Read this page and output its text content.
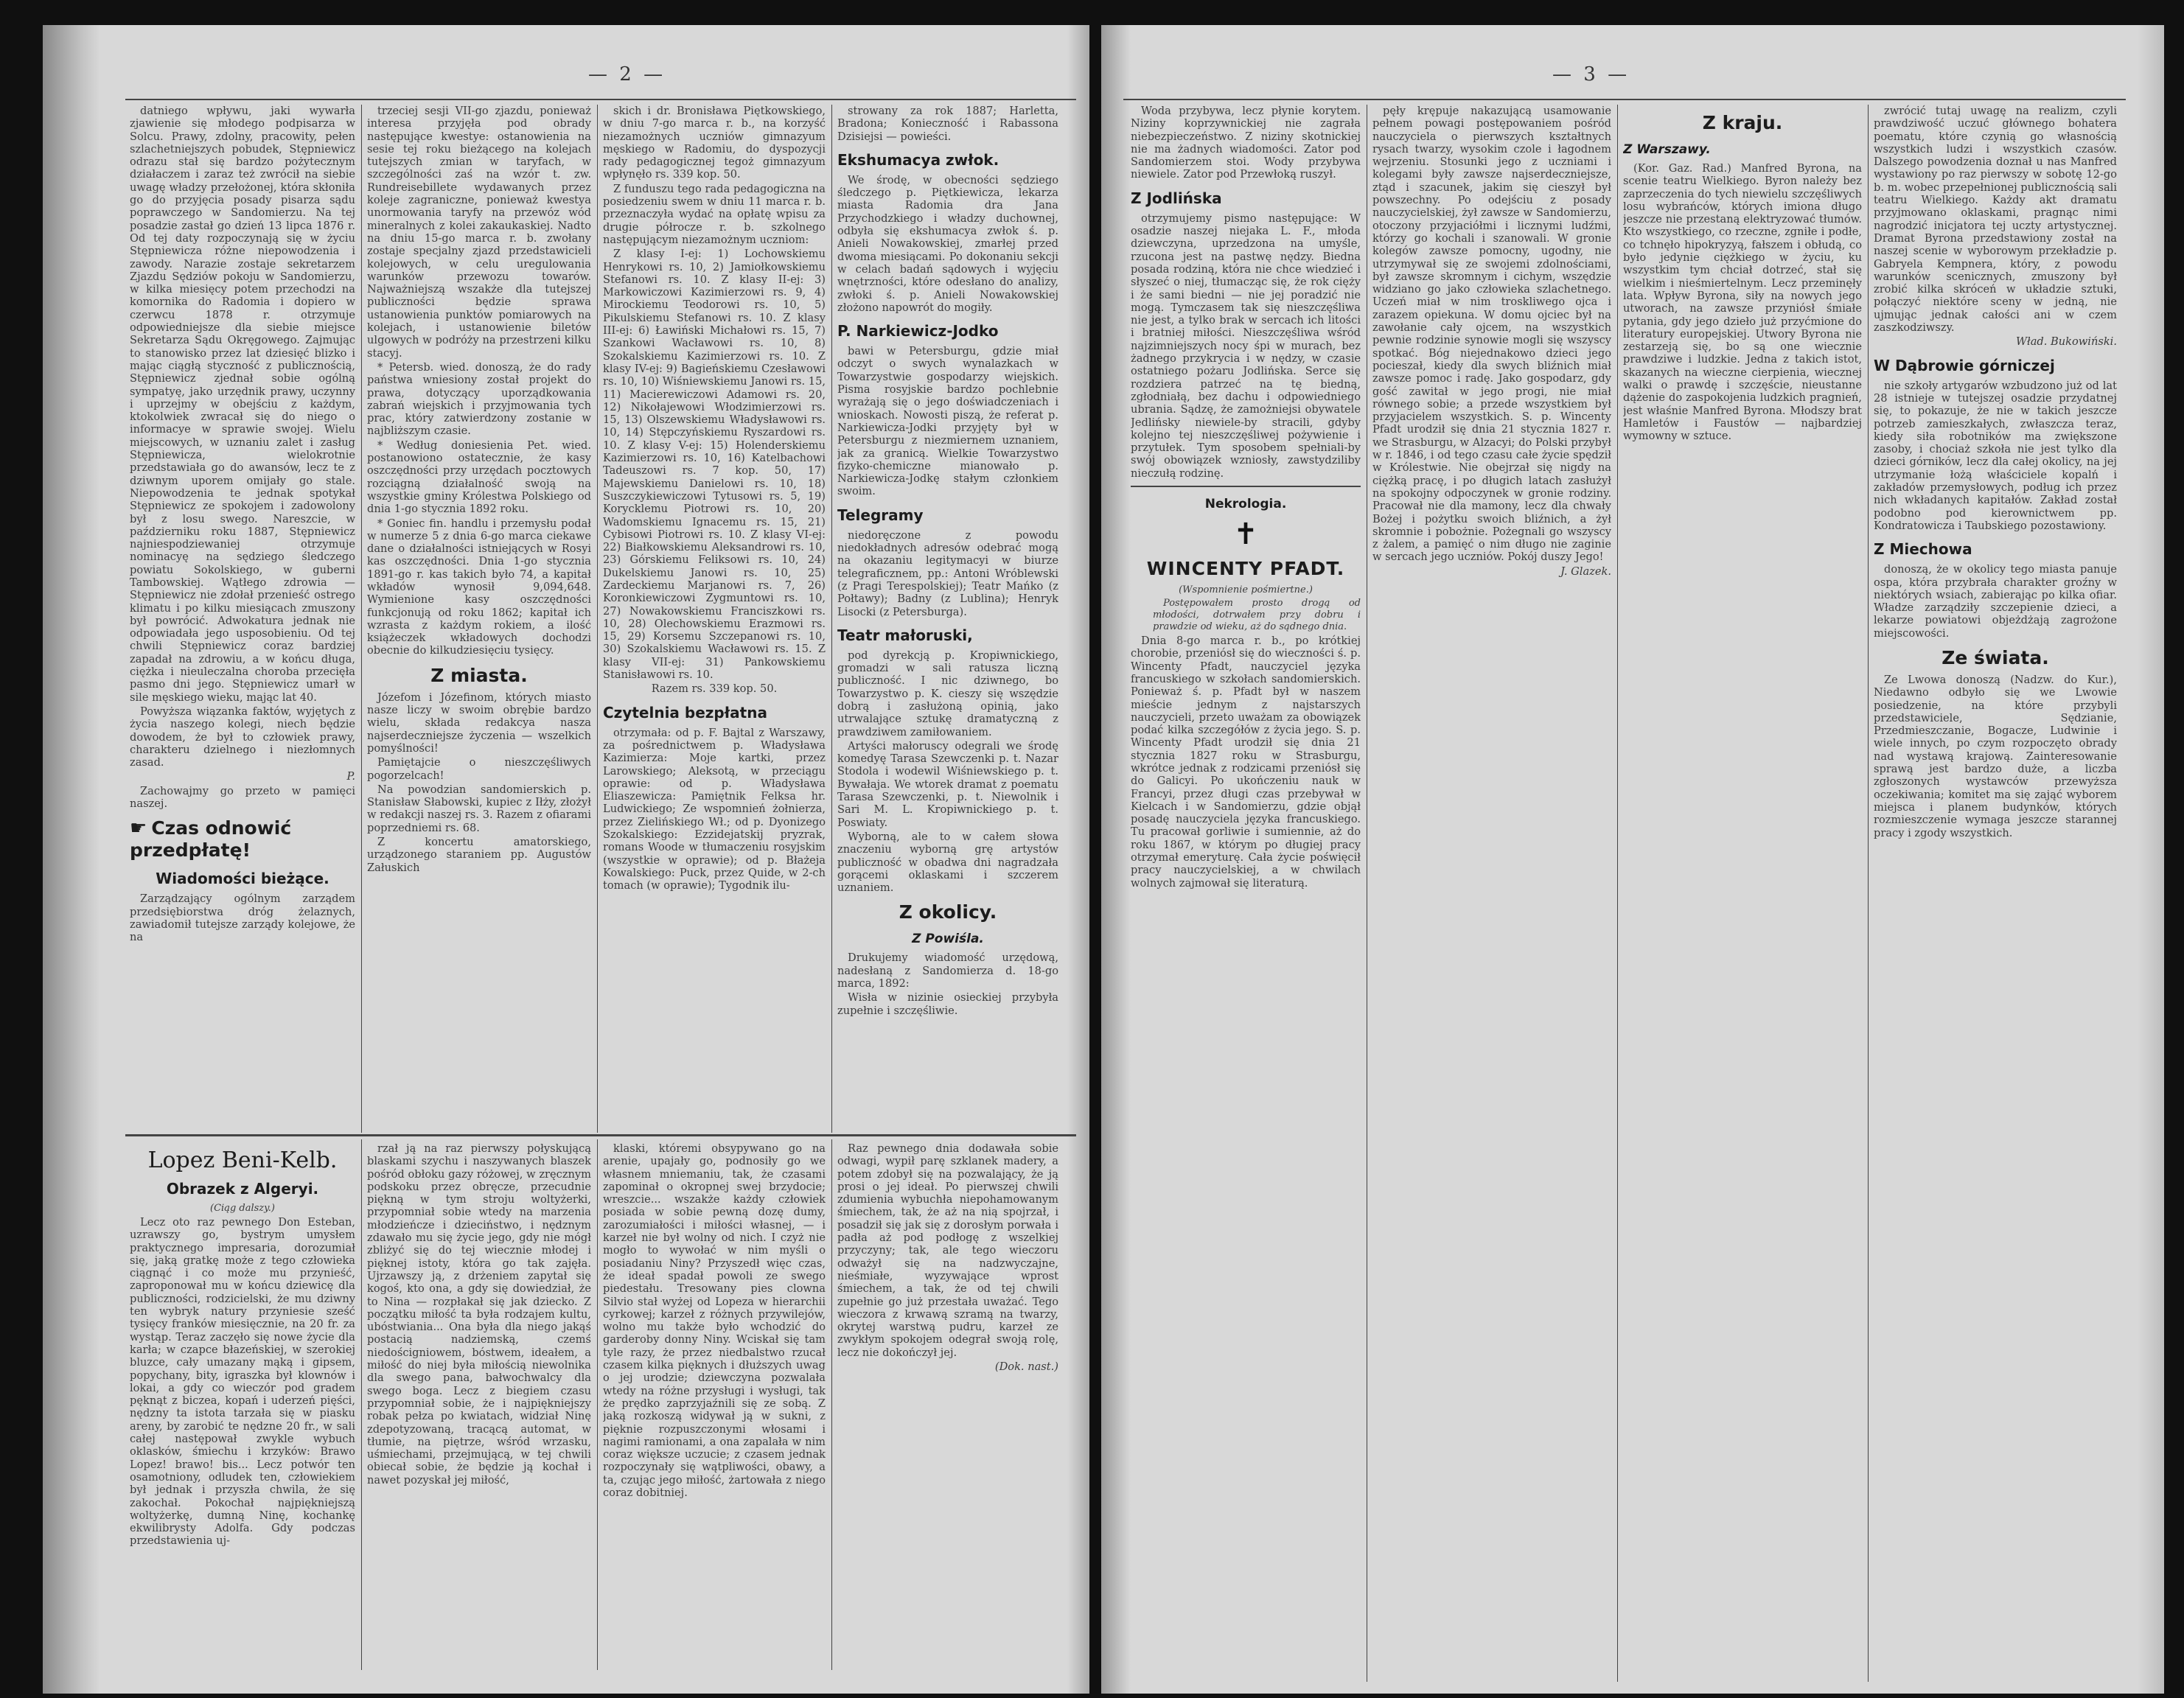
— 2 —

datniego wpływu, jaki wywarła zjawienie się młodego podpisarza w Solcu. Prawy, zdolny, pracowity, pełen szlachetniejszych pobudek, Stępniewicz odrazu stał się bardzo pożytecznym działaczem i zaraz też zwrócił na siebie uwagę władzy przełożonej, która skłoniła go do przyjęcia posady pisarza sądu poprawczego w Sandomierzu. Na tej posadzie zastał go dzień 13 lipca 1876 r. Od tej daty rozpoczynają się w życiu Stępniewicza różne niepowodzenia i zawody. Narazie zostaje sekretarzem Zjazdu Sędziów pokoju w Sandomierzu, w kilka miesięcy potem przechodzi na komornika do Radomia i dopiero w czerwcu 1878 r. otrzymuje odpowiedniejsze dla siebie miejsce Sekretarza Sądu Okręgowego. Zajmując to stanowisko przez lat dziesięć blizko i mając ciągłą styczność z publicznością, Stępniewicz zjednał sobie ogólną sympatyę, jako urzędnik prawy, uczynny i uprzejmy w obejściu z każdym, ktokolwiek zwracał się do niego o informacye w sprawie swojej. Wielu miejscowych, w uznaniu zalet i zasług Stępniewicza, wielokrotnie przedstawiała go do awansów, lecz te z dziwnym uporem omijały go stale. Niepowodzenia te jednak spotykał Stępniewicz ze spokojem i zadowolony był z losu swego. Nareszcie, w październiku roku 1887, Stępniewicz najniespodziewaniej otrzymuje nominacyę na sędziego śledczego powiatu Sokolskiego, w guberni Tambowskiej. Wątłego zdrowia — Stępniewicz nie zdołał przenieść ostrego klimatu i po kilku miesiącach zmuszony był powrócić. Adwokatura jednak nie odpowiadała jego usposobieniu. Od tej chwili Stępniewicz coraz bardziej zapadał na zdrowiu, a w końcu długa, ciężka i nieuleczalna choroba przecięła pasmo dni jego. Stępniewicz umarł w sile męskiego wieku, mając lat 40.

Powyższa wiązanka faktów, wyjętych z życia naszego kolegi, niech będzie dowodem, że był to człowiek prawy, charakteru dzielnego i niezłomnych zasad.

P.

Zachowajmy go przeto w pamięci naszej.

☛ Czas odnowić przedpłatę!
Wiadomości bieżące.

Zarządzający ogólnym zarządem przedsiębiorstwa dróg żelaznych, zawiadomił tutejsze zarządy kolejowe, że na

trzeciej sesji VII-go zjazdu, ponieważ interesa przyjęła pod obrady następujące kwestye: ostanowienia na sesie tej roku bieżącego na kolejach tutejszych zmian w taryfach, w szczególności zaś na wzór t. zw. Rundreisebillete wydawanych przez koleje zagraniczne, ponieważ kwestya unormowania taryfy na przewóz wód mineralnych z kolei zakaukaskiej. Nadto na dniu 15-go marca r. b. zwołany zostaje specjalny zjazd przedstawicieli kolejowych, w celu uregulowania warunków przewozu towarów. Najważniejszą wszakże dla tutejszej publiczności będzie sprawa ustanowienia punktów pomiarowych na kolejach, i ustanowienie biletów ulgowych w podróży na przestrzeni kilku stacyj.

* Petersb. wied. donoszą, że do rady państwa wniesiony został projekt do prawa, dotyczący uporządkowania zabrań wiejskich i przyjmowania tych prac, który zatwierdzony zostanie w najbliższym czasie.

* Według doniesienia Pet. wied. postanowiono ostatecznie, że kasy oszczędności przy urzędach pocztowych rozciągną działalność swoją na wszystkie gminy Królestwa Polskiego od dnia 1-go stycznia 1892 roku.

* Goniec fin. handlu i przemysłu podał w numerze 5 z dnia 6-go marca ciekawe dane o działalności istniejących w Rosyi kas oszczędności. Dnia 1-go stycznia 1891-go r. kas takich było 74, a kapitał wkładów wynosił 9,094,648. Wymienione kasy oszczędności funkcjonują od roku 1862; kapitał ich wzrasta z każdym rokiem, a ilość książeczek wkładowych dochodzi obecnie do kilkudziesięciu tysięcy.

Z miasta.

Józefom i Józefinom, których miasto nasze liczy w swoim obrębie bardzo wielu, składa redakcya nasza najserdeczniejsze życzenia — wszelkich pomyślności!

Pamiętajcie o nieszczęśliwych pogorzelcach!

Na powodzian sandomierskich p. Stanisław Słabowski, kupiec z Iłży, złożył w redakcji naszej rs. 3. Razem z ofiarami poprzedniemi rs. 68.

Z koncertu amatorskiego, urządzonego staraniem pp. Augustów Załuskich

skich i dr. Bronisława Piętkowskiego, w dniu 7-go marca r. b., na korzyść niezamożnych uczniów gimnazyum męskiego w Radomiu, do dyspozycji rady pedagogicznej tegoż gimnazyum wpłynęło rs. 339 kop. 50.

Z funduszu tego rada pedagogiczna na posiedzeniu swem w dniu 11 marca r. b. przeznaczyła wydać na opłatę wpisu za drugie półrocze r. b. szkolnego następującym niezamożnym uczniom:

Z klasy I-ej: 1) Lochowskiemu Henrykowi rs. 10, 2) Jamiołkowskiemu Stefanowi rs. 10. Z klasy II-ej: 3) Markowiczowi Kazimierzowi rs. 9, 4) Mirockiemu Teodorowi rs. 10, 5) Pikulskiemu Stefanowi rs. 10. Z klasy III-ej: 6) Ławiński Michałowi rs. 15, 7) Szankowi Wacławowi rs. 10, 8) Szokalskiemu Kazimierzowi rs. 10. Z klasy IV-ej: 9) Bagieńskiemu Czesławowi rs. 10, 10) Wiśniewskiemu Janowi rs. 15, 11) Macierewiczowi Adamowi rs. 20, 12) Nikołajewowi Włodzimierzowi rs. 15, 13) Olszewskiemu Władysławowi rs. 10, 14) Stępczyńskiemu Ryszardowi rs. 10. Z klasy V-ej: 15) Holenderskiemu Kazimierzowi rs. 10, 16) Katelbachowi Tadeuszowi rs. 7 kop. 50, 17) Majewskiemu Danielowi rs. 10, 18) Suszczykiewiczowi Tytusowi rs. 5, 19) Korycklemu Piotrowi rs. 10, 20) Wadomskiemu Ignacemu rs. 15, 21) Cybisowi Piotrowi rs. 10. Z klasy VI-ej: 22) Białkowskiemu Aleksandrowi rs. 10, 23) Górskiemu Feliksowi rs. 10, 24) Dukelskiemu Janowi rs. 10, 25) Zardeckiemu Marjanowi rs. 7, 26) Koronkiewiczowi Zygmuntowi rs. 10, 27) Nowakowskiemu Franciszkowi rs. 10, 28) Olechowskiemu Erazmowi rs. 15, 29) Korsemu Szczepanowi rs. 10, 30) Szokalskiemu Wacławowi rs. 15. Z klasy VII-ej: 31) Pankowskiemu Stanisławowi rs. 10.

Razem rs. 339 kop. 50.

Czytelnia bezpłatna

otrzymała: od p. F. Bajtal z Warszawy, za pośrednictwem p. Władysława Kazimierza: Moje kartki, przez Larowskiego; Aleksotą, w przeciągu oprawie: od p. Władysława Eliaszewicza: Pamiętnik Felksa hr. Ludwickiego; Ze wspomnień żołnierza, przez Zielińskiego Wł.; od p. Dyonizego Szokalskiego: Ezzidejatskij pryzrak, romans Woode w tłumaczeniu rosyjskim (wszystkie w oprawie); od p. Błażeja Kowalskiego: Puck, przez Quide, w 2-ch tomach (w oprawie); Tygodnik ilu-

strowany za rok 1887; Harletta, Bradona; Konieczność i Rabassona Dzisiejsi — powieści.

Ekshumacya zwłok.

We środę, w obecności sędziego śledczego p. Piętkiewicza, lekarza miasta Radomia dra Jana Przychodzkiego i władzy duchownej, odbyła się ekshumacya zwłok ś. p. Anieli Nowakowskiej, zmarłej przed dwoma miesiącami. Po dokonaniu sekcji w celach badań sądowych i wyjęciu wnętrzności, które odesłano do analizy, zwłoki ś. p. Anieli Nowakowskiej złożono napowrót do mogiły.

P. Narkiewicz-Jodko

bawi w Petersburgu, gdzie miał odczyt o swych wynalazkach w Towarzystwie gospodarzy wiejskich. Pisma rosyjskie bardzo pochlebnie wyrażają się o jego doświadczeniach i wnioskach. Nowosti piszą, że referat p. Narkiewicza-Jodki przyjęty był w Petersburgu z niezmiernem uznaniem, jak za granicą. Wielkie Towarzystwo fizyko-chemiczne mianowało p. Narkiewicza-Jodkę stałym członkiem swoim.

Telegramy

niedoręczone z powodu niedokładnych adresów odebrać mogą na okazaniu legitymacyi w biurze telegraficznem, pp.: Antoni Wróblewski (z Pragi Terespolskiej); Teatr Mańko (z Połtawy); Badny (z Lublina); Henryk Lisocki (z Petersburga).

Teatr małoruski,

pod dyrekcją p. Kropiwnickiego, gromadzi w sali ratusza liczną publiczność. I nic dziwnego, bo Towarzystwo p. K. cieszy się wszędzie dobrą i zasłużoną opinią, jako utrwalające sztukę dramatyczną z prawdziwem zamiłowaniem.

Artyści małoruscy odegrali we środę komedyę Tarasa Szewczenki p. t. Nazar Stodola i wodewil Wiśniewskiego p. t. Bywałaja. We wtorek dramat z poematu Tarasa Szewczenki, p. t. Niewolnik i Sari M. L. Kropiwnickiego p. t. Poswiaty.

Wyborną, ale to w całem słowa znaczeniu wyborną grę artystów publiczność w obadwa dni nagradzała gorącemi oklaskami i szczerem uznaniem.

Z okolicy.
Z Powiśla.

Drukujemy wiadomość urzędową, nadesłaną z Sandomierza d. 18-go marca, 1892:

Wisła w nizinie osieckiej przybyła zupełnie i szczęśliwie.

Lopez Beni-Kelb.
Obrazek z Algeryi.

(Ciąg dalszy.)

Lecz oto raz pewnego Don Esteban, uzrawszy go, bystrym umysłem praktycznego impresaria, dorozumiał się, jaką gratkę może z tego człowieka ciągnąć i co może mu przynieść, zaproponował mu w końcu dziewicę dla publiczności, rodzicielski, że mu dziwny ten wybryk natury przyniesie sześć tysięcy franków miesięcznie, na 20 fr. za wystąp. Teraz zaczęło się nowe życie dla karła; w czapce błazeńskiej, w szerokiej bluzce, cały umazany mąką i gipsem, popychany, bity, igraszka był klownów i lokai, a gdy co wieczór pod gradem pęknąt z biczea, kopań i uderzeń pięści, nędzny ta istota tarzała się w piasku areny, by zarobić te nędzne 20 fr., w sali całej następował zwykle wybuch oklasków, śmiechu i krzyków: Brawo Lopez! brawo! bis... Lecz potwór ten osamotniony, odludek ten, człowiekiem był jednak i przyszła chwila, że się zakochał. Pokochał najpiękniejszą woltyżerkę, dumną Ninę, kochankę ekwilibrysty Adolfa. Gdy podczas przedstawienia uj-

rzał ją na raz pierwszy połyskującą blaskami szychu i naszywanych blaszek pośród obłoku gazy różowej, w zręcznym podskoku przez obręcze, przecudnie piękną w tym stroju woltyżerki, przypomniał sobie wtedy na marzenia młodzieńcze i dzieciństwo, i nędznym zdawało mu się życie jego, gdy nie mógł zbliżyć się do tej wiecznie młodej i pięknej istoty, która go tak zajęła. Ujrzawszy ją, z drżeniem zapytał się kogoś, kto ona, a gdy się dowiedział, że to Nina — rozpłakał się jak dziecko. Z początku miłość ta była rodzajem kultu, ubóstwiania... Ona była dla niego jakąś postacią nadziemską, czemś niedościgniowem, bóstwem, ideałem, a miłość do niej była miłością niewolnika dla swego pana, bałwochwalcy dla swego boga. Lecz z biegiem czasu przypomniał sobie, że i najpiękniejszy robak pełza po kwiatach, widział Ninę zdepotyzowaną, tracącą automat, w tłumie, na piętrze, wśród wrzasku, uśmiechami, przejmującą, w tej chwili obiecał sobie, że będzie ją kochał i nawet pozyskał jej miłość,

klaski, któremi obsypywano go na arenie, upajały go, podnosiły go we własnem mniemaniu, tak, że czasami zapominał o okropnej swej brzydocie; wreszcie... wszakże każdy człowiek posiada w sobie pewną dozę dumy, zarozumiałości i miłości własnej, — i karzeł nie był wolny od nich. I czyż nie mogło to wywołać w nim myśli o posiadaniu Niny? Przyszedł więc czas, że ideał spadał powoli ze swego piedestału. Tresowany pies clowna Silvio stał wyżej od Lopeza w hierarchii cyrkowej; karzeł z różnych przywilejów, wolno mu także było wchodzić do garderoby donny Niny. Wciskał się tam tyle razy, że przez niedbalstwo rzucał czasem kilka pięknych i dłuższych uwag o jej urodzie; dziewczyna pozwalała wtedy na różne przysługi i wysługi, tak że prędko zaprzyjaźnili się ze sobą. Z jaką rozkoszą widywał ją w sukni, z pięknie rozpuszczonymi włosami i nagimi ramionami, a ona zapalała w nim coraz większe uczucie; z czasem jednak rozpoczynały się wątpliwości, obawy, a ta, czując jego miłość, żartowała z niego coraz dobitniej.

Raz pewnego dnia dodawała sobie odwagi, wypił parę szklanek madery, a potem zdobył się na pozwalający, że ją prosi o jej ideał. Po pierwszej chwili zdumienia wybuchła niepohamowanym śmiechem, tak, że aż na nią spojrzał, i posadził się jak się z dorosłym porwała i padła aż pod podłogę z wszelkiej przyczyny; tak, ale tego wieczoru odważył się na nadzwyczajne, nieśmiałe, wyzywające wprost śmiechem, a tak, że od tej chwili zupełnie go już przestała uważać. Tego wieczora z krwawą szramą na twarzy, okrytej warstwą pudru, karzeł ze zwykłym spokojem odegrał swoją rolę, lecz nie dokończył jej.

(Dok. nast.)

— 3 —

Woda przybywa, lecz płynie korytem. Niziny koprzywnickiej nie zagrała niebezpieczeństwo. Z niziny skotnickiej nie ma żadnych wiadomości. Zator pod Sandomierzem stoi. Wody przybywa niewiele. Zator pod Przewłoką ruszył.

Z Jodlińska

otrzymujemy pismo następujące: W osadzie naszej niejaka L. F., młoda dziewczyna, uprzedzona na umyśle, rzucona jest na pastwę nędzy. Biedna posada rodziną, która nie chce wiedzieć i słyszeć o niej, tłumacząc się, że rok cięży i że sami biedni — nie jej poradzić nie mogą. Tymczasem tak się nieszczęśliwa nie jest, a tylko brak w sercach ich litości i bratniej miłości. Nieszczęśliwa wśród najzimniejszych nocy śpi w murach, bez żadnego przykrycia i w nędzy, w czasie ostatniego pożaru Jodlińska. Serce się rozdziera patrzeć na tę biedną, zgłodniałą, bez dachu i odpowiedniego ubrania. Sądzę, że zamożniejsi obywatele Jedlińsky niewiele-by stracili, gdyby kolejno tej nieszczęśliwej pożywienie i przytułek. Tym sposobem spełniali-by swój obowiązek wzniosły, zawstydziliby nieczułą rodzinę.

Nekrologia.
✝
WINCENTY PFADT.

(Wspomnienie pośmiertne.)

Postępowałem prosto drogą od młodości, dotrwałem przy dobru i prawdzie od wieku, aż do sądnego dnia.

Dnia 8-go marca r. b., po krótkiej chorobie, przeniósł się do wieczności ś. p. Wincenty Pfadt, nauczyciel języka francuskiego w szkołach sandomierskich. Ponieważ ś. p. Pfadt był w naszem mieście jednym z najstarszych nauczycieli, przeto uważam za obowiązek podać kilka szczegółów z życia jego. S. p. Wincenty Pfadt urodził się dnia 21 stycznia 1827 roku w Strasburgu, wkrótce jednak z rodzicami przeniósł się do Galicyi. Po ukończeniu nauk w Francyi, przez długi czas przebywał w Kielcach i w Sandomierzu, gdzie objął posadę nauczyciela języka francuskiego. Tu pracował gorliwie i sumiennie, aż do roku 1867, w którym po długiej pracy otrzymał emeryturę. Cała życie poświęcił pracy nauczycielskiej, a w chwilach wolnych zajmował się literaturą.

pęły krępuje nakazującą usamowanie pełnem powagi postępowaniem pośród nauczyciela o pierwszych kształtnych rysach twarzy, wysokim czole i łagodnem wejrzeniu. Stosunki jego z uczniami i kolegami były zawsze najserdeczniejsze, ztąd i szacunek, jakim się cieszył był powszechny. Po odejściu z posady nauczycielskiej, żył zawsze w Sandomierzu, otoczony przyjaciółmi i licznymi ludźmi, którzy go kochali i szanowali. W gronie kolegów zawsze pomocny, ugodny, nie utrzymywał się ze swojemi zdolnościami, był zawsze skromnym i cichym, wszędzie widziano go jako człowieka szlachetnego. Uczeń miał w nim troskliwego ojca i zarazem opiekuna. W domu ojciec był na zawołanie cały ojcem, na wszystkich pewnie rodzinie synowie mogli się wszyscy spotkać. Bóg niejednakowo dzieci jego pocieszał, kiedy dla swych bliźnich miał zawsze pomoc i radę. Jako gospodarz, gdy gość zawitał w jego progi, nie miał równego sobie; a przede wszystkiem był przyjacielem wszystkich. S. p. Wincenty Pfadt urodził się dnia 21 stycznia 1827 r. we Strasburgu, w Alzacyi; do Polski przybył w r. 1846, i od tego czasu całe życie spędził w Królestwie. Nie obejrzał się nigdy na ciężką pracę, i po długich latach zasłużył na spokojny odpoczynek w gronie rodziny. Pracował nie dla mamony, lecz dla chwały Bożej i pożytku swoich bliźnich, a żył skromnie i pobożnie. Pożegnali go wszyscy z żalem, a pamięć o nim długo nie zaginie w sercach jego uczniów. Pokój duszy Jego!

J. Glazek.

Z kraju.
Z Warszawy.

(Kor. Gaz. Rad.) Manfred Byrona, na scenie teatru Wielkiego. Byron należy bez zaprzeczenia do tych niewielu szczęśliwych losu wybrańców, których imiona długo jeszcze nie przestaną elektryzować tłumów. Kto wszystkiego, co rzeczne, zgniłe i podłe, co tchnęło hipokryzyą, fałszem i obłudą, co było jedynie ciężkiego w życiu, ku wszystkim tym chciał dotrzeć, stał się wielkim i nieśmiertelnym. Lecz przeminęły lata. Wpływ Byrona, siły na nowych jego utworach, na zawsze przyniósł śmiałe pytania, gdy jego dzieło już przyćmione do literatury europejskiej. Utwory Byrona nie zestarzeją się, bo są one wiecznie prawdziwe i ludzkie. Jedna z takich istot, skazanych na wieczne cierpienia, wiecznej walki o prawdę i szczęście, nieustanne dążenie do zaspokojenia ludzkich pragnień, jest właśnie Manfred Byrona. Młodszy brat Hamletów i Faustów — najbardziej wymowny w sztuce.

zwrócić tutaj uwagę na realizm, czyli prawdziwość uczuć głównego bohatera poematu, które czynią go własnością wszystkich ludzi i wszystkich czasów. Dalszego powodzenia doznał u nas Manfred wystawiony po raz pierwszy w sobotę 12-go b. m. wobec przepełnionej publicznością sali teatru Wielkiego. Każdy akt dramatu przyjmowano oklaskami, pragnąc nimi nagrodzić inicjatora tej uczty artystycznej. Dramat Byrona przedstawiony został na naszej scenie w wyborowym przekładzie p. Gabryela Kempnera, który, z powodu warunków scenicznych, zmuszony był zrobić kilka skróceń w układzie sztuki, połączyć niektóre sceny w jedną, nie ujmując jednak całości ani w czem zaszkodziwszy.

Wład. Bukowiński.

W Dąbrowie górniczej

nie szkoły artygarów wzbudzono już od lat 28 istnieje w tutejszej osadzie przydatnej się, to pokazuje, że nie w takich jeszcze potrzeb zamieszkałych, zwłaszcza teraz, kiedy siła robotników ma zwiększone zasoby, i chociaż szkoła nie jest tylko dla dzieci górników, lecz dla całej okolicy, na jej utrzymanie łożą właściciele kopalń i zakładów przemysłowych, podług ich przez nich wkładanych kapitałów. Zakład został podobno pod kierownictwem pp. Kondratowicza i Taubskiego pozostawiony.

Z Miechowa

donoszą, że w okolicy tego miasta panuje ospa, która przybrała charakter groźny w niektórych wsiach, zabierając po kilka ofiar. Władze zarządziły szczepienie dzieci, a lekarze powiatowi objeżdżają zagrożone miejscowości.

Ze świata.

Ze Lwowa donoszą (Nadzw. do Kur.), Niedawno odbyło się we Lwowie posiedzenie, na które przybyli przedstawiciele, Sędzianie, Przedmieszczanie, Bogacze, Ludwinie i wiele innych, po czym rozpoczęto obrady nad wystawą krajową. Zainteresowanie sprawą jest bardzo duże, a liczba zgłoszonych wystawców przewyższa oczekiwania; komitet ma się zająć wyborem miejsca i planem budynków, których rozmieszczenie wymaga jeszcze starannej pracy i zgody wszystkich.
